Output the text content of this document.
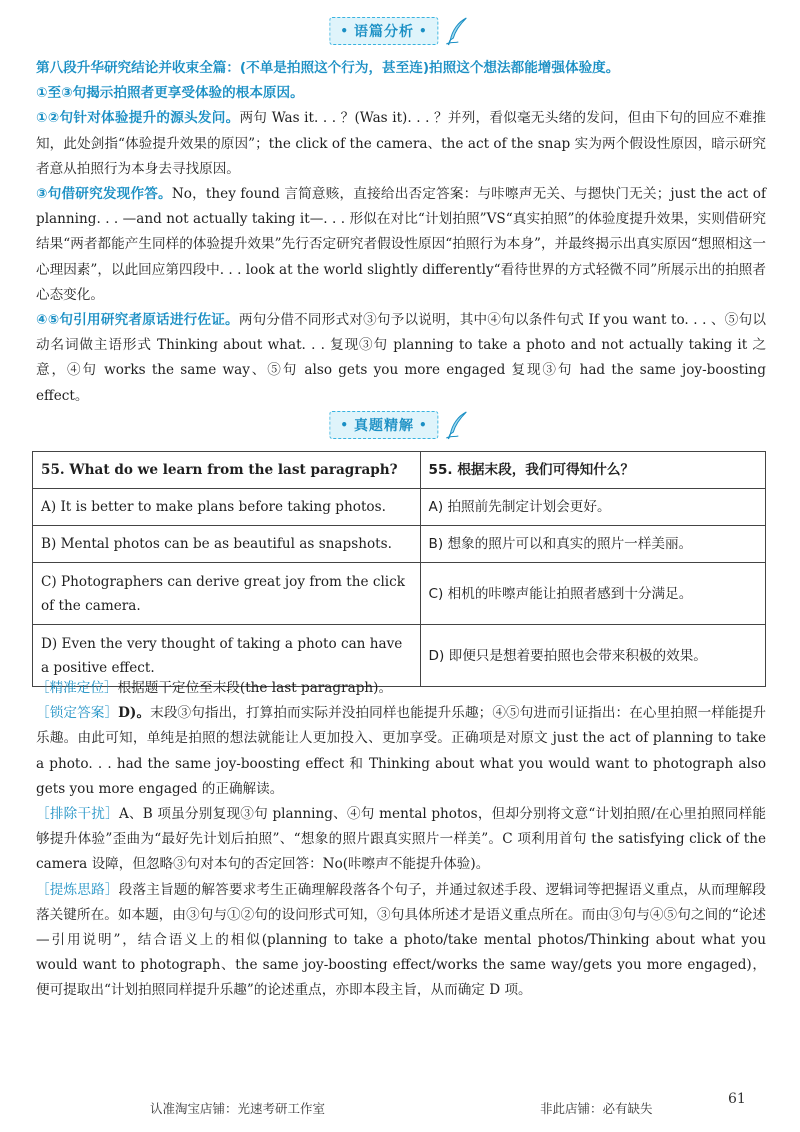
• 语篇分析 •

第八段升华研究结论并收束全篇：(不单是拍照这个行为，甚至连)拍照这个想法都能增强体验度。

①至③句揭示拍照者更享受体验的根本原因。

①②句针对体验提升的源头发问。两句 Was it. . . ？(Was it). . . ？并列，看似毫无头绪的发问，但由下句的回应不难推知，此处剑指“体验提升效果的原因”；the click of the camera、the act of the snap 实为两个假设性原因，暗示研究者意从拍照行为本身去寻找原因。

③句借研究发现作答。No，they found 言简意赅，直接给出否定答案：与咔嚓声无关、与摁快门无关；just the act of planning. . . —and not actually taking it—. . . 形似在对比“计划拍照”VS“真实拍照”的体验度提升效果，实则借研究结果“两者都能产生同样的体验提升效果”先行否定研究者假设性原因“拍照行为本身”，并最终揭示出真实原因“想照相这一心理因素”，以此回应第四段中. . . look at the world slightly differently“看待世界的方式轻微不同”所展示出的拍照者心态变化。

④⑤句引用研究者原话进行佐证。两句分借不同形式对③句予以说明，其中④句以条件句式 If you want to. . . 、⑤句以动名词做主语形式 Thinking about what. . . 复现③句 planning to take a photo and not actually taking it 之意，④句 works the same way、⑤句 also gets you more engaged 复现③句 had the same joy-boosting effect。

• 真题精解 •
55. What do we learn from the last paragraph?	55. 根据末段，我们可得知什么？
A) It is better to make plans before taking photos.	A) 拍照前先制定计划会更好。
B) Mental photos can be as beautiful as snapshots.	B) 想象的照片可以和真实的照片一样美丽。
C) Photographers can derive great joy from the click of the camera.	C) 相机的咔嚓声能让拍照者感到十分满足。
D) Even the very thought of taking a photo can have a positive effect.	D) 即便只是想着要拍照也会带来积极的效果。

［精准定位］根据题干定位至末段(the last paragraph)。

［锁定答案］D)。末段③句指出，打算拍而实际并没拍同样也能提升乐趣；④⑤句进而引证指出：在心里拍照一样能提升乐趣。由此可知，单纯是拍照的想法就能让人更加投入、更加享受。正确项是对原文 just the act of planning to take a photo. . . had the same joy-boosting effect 和 Thinking about what you would want to photograph also gets you more engaged 的正确解读。

［排除干扰］A、B 项虽分别复现③句 planning、④句 mental photos，但却分别将文意“计划拍照/在心里拍照同样能够提升体验”歪曲为“最好先计划后拍照”、“想象的照片跟真实照片一样美”。C 项利用首句 the satisfying click of the camera 设障，但忽略③句对本句的否定回答：No(咔嚓声不能提升体验)。

［提炼思路］段落主旨题的解答要求考生正确理解段落各个句子，并通过叙述手段、逻辑词等把握语义重点，从而理解段落关键所在。如本题，由③句与①②句的设问形式可知，③句具体所述才是语义重点所在。而由③句与④⑤句之间的“论述—引用说明”，结合语义上的相似(planning to take a photo/take mental photos/Thinking about what you would want to photograph、the same joy-boosting effect/works the same way/gets you more engaged)，便可提取出“计划拍照同样提升乐趣”的论述重点，亦即本段主旨，从而确定 D 项。

认准淘宝店铺：光速考研工作室	非此店铺：必有缺失
61
